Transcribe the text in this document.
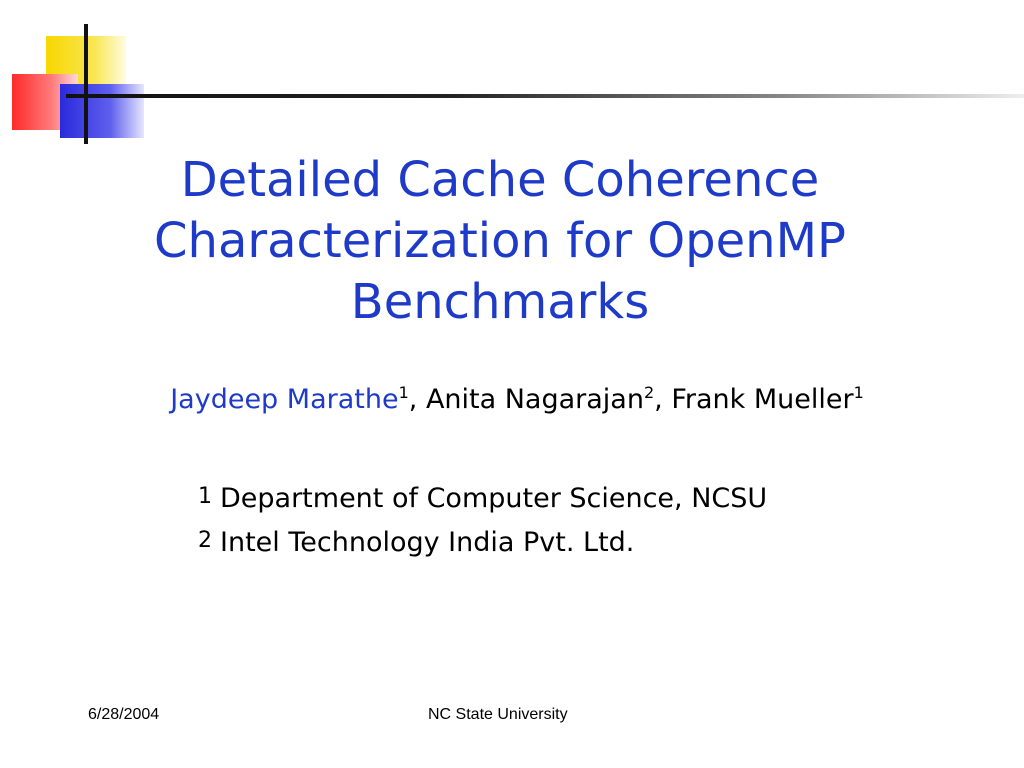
Detailed Cache Coherence
Characterization for OpenMP
Benchmarks
Jaydeep Marathe$^1$, Anita Nagarajan$^2$, Frank Mueller$^1$
1 Department of Computer Science, NCSU
2 Intel Technology India Pvt. Ltd.
6/28/2004	NC State University
